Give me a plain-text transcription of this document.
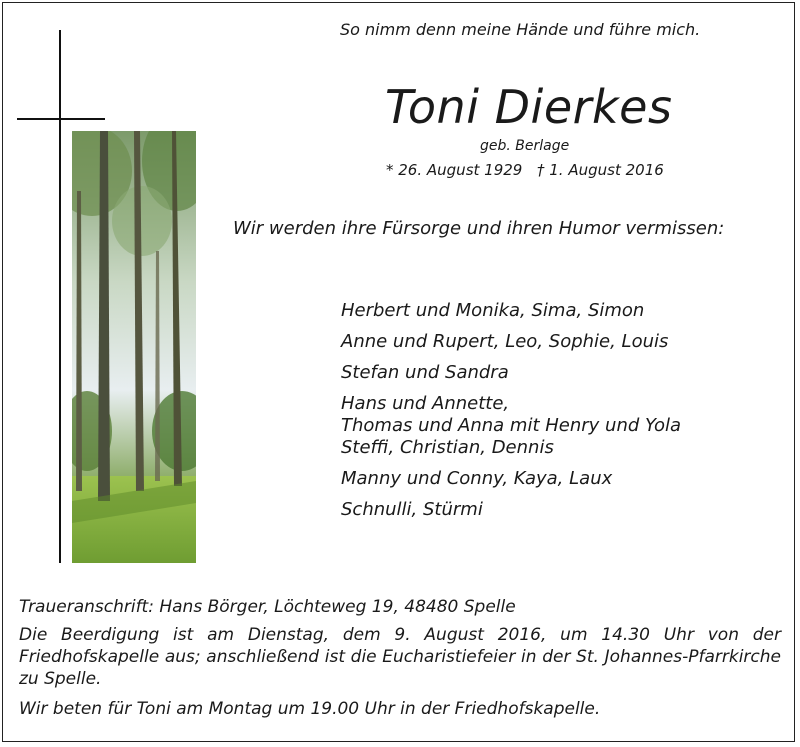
So nimm denn meine Hände und führe mich.
Toni Dierkes
geb. Berlage
* 26. August 1929 † 1. August 2016
Wir werden ihre Fürsorge und ihren Humor vermissen:
Herbert und Monika, Sima, Simon
Anne und Rupert, Leo, Sophie, Louis
Stefan und Sandra
Hans und Annette,
Thomas und Anna mit Henry und Yola
Steffi, Christian, Dennis
Manny und Conny, Kaya, Laux
Schnulli, Stürmi

Traueranschrift: Hans Börger, Löchteweg 19, 48480 Spelle

Die Beerdigung ist am Dienstag, dem 9. August 2016, um 14.30 Uhr von der Friedhofskapelle aus; anschließend ist die Eucharistiefeier in der St. Johannes-Pfarrkirche zu Spelle.

Wir beten für Toni am Montag um 19.00 Uhr in der Friedhofskapelle.
